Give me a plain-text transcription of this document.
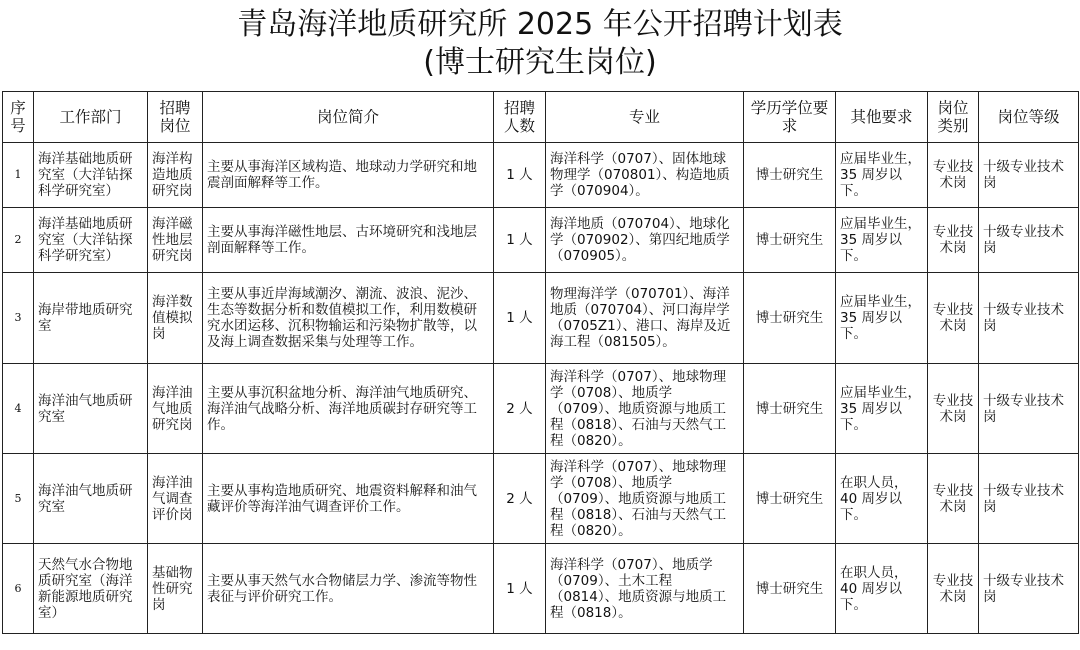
青岛海洋地质研究所 2025 年公开招聘计划表
(博士研究生岗位)
序号	工作部门	招聘岗位	岗位简介	招聘人数	专业	学历学位要求	其他要求	岗位类别	岗位等级
1	海洋基础地质研究室（大洋钻探科学研究室）	海洋构造地质研究岗	主要从事海洋区域构造、地球动力学研究和地震剖面解释等工作。	1 人	海洋科学（0707）、固体地球物理学（070801）、构造地质学（070904）。	博士研究生	应届毕业生，35 周岁以下。	专业技术岗	十级专业技术岗
2	海洋基础地质研究室（大洋钻探科学研究室）	海洋磁性地层研究岗	主要从事海洋磁性地层、古环境研究和浅地层剖面解释等工作。	1 人	海洋地质（070704）、地球化学（070902）、第四纪地质学（070905）。	博士研究生	应届毕业生，35 周岁以下。	专业技术岗	十级专业技术岗
3	海岸带地质研究室	海洋数值模拟岗	主要从事近岸海域潮汐、潮流、波浪、泥沙、生态等数据分析和数值模拟工作，利用数模研究水团运移、沉积物输运和污染物扩散等，以及海上调查数据采集与处理等工作。	1 人	物理海洋学（070701）、海洋地质（070704）、河口海岸学（0705Z1）、港口、海岸及近海工程（081505）。	博士研究生	应届毕业生，35 周岁以下。	专业技术岗	十级专业技术岗
4	海洋油气地质研究室	海洋油气地质研究岗	主要从事沉积盆地分析、海洋油气地质研究、海洋油气战略分析、海洋地质碳封存研究等工作。	2 人	海洋科学（0707）、地球物理学（0708）、地质学（0709）、地质资源与地质工程（0818）、石油与天然气工程（0820）。	博士研究生	应届毕业生，35 周岁以下。	专业技术岗	十级专业技术岗
5	海洋油气地质研究室	海洋油气调查评价岗	主要从事构造地质研究、地震资料解释和油气藏评价等海洋油气调查评价工作。	2 人	海洋科学（0707）、地球物理学（0708）、地质学（0709）、地质资源与地质工程（0818）、石油与天然气工程（0820）。	博士研究生	在职人员，40 周岁以下。	专业技术岗	十级专业技术岗
6	天然气水合物地质研究室（海洋新能源地质研究室）	基础物性研究岗	主要从事天然气水合物储层力学、渗流等物性表征与评价研究工作。	1 人	海洋科学（0707）、地质学（0709）、土木工程（0814）、地质资源与地质工程（0818）。	博士研究生	在职人员，40 周岁以下。	专业技术岗	十级专业技术岗
